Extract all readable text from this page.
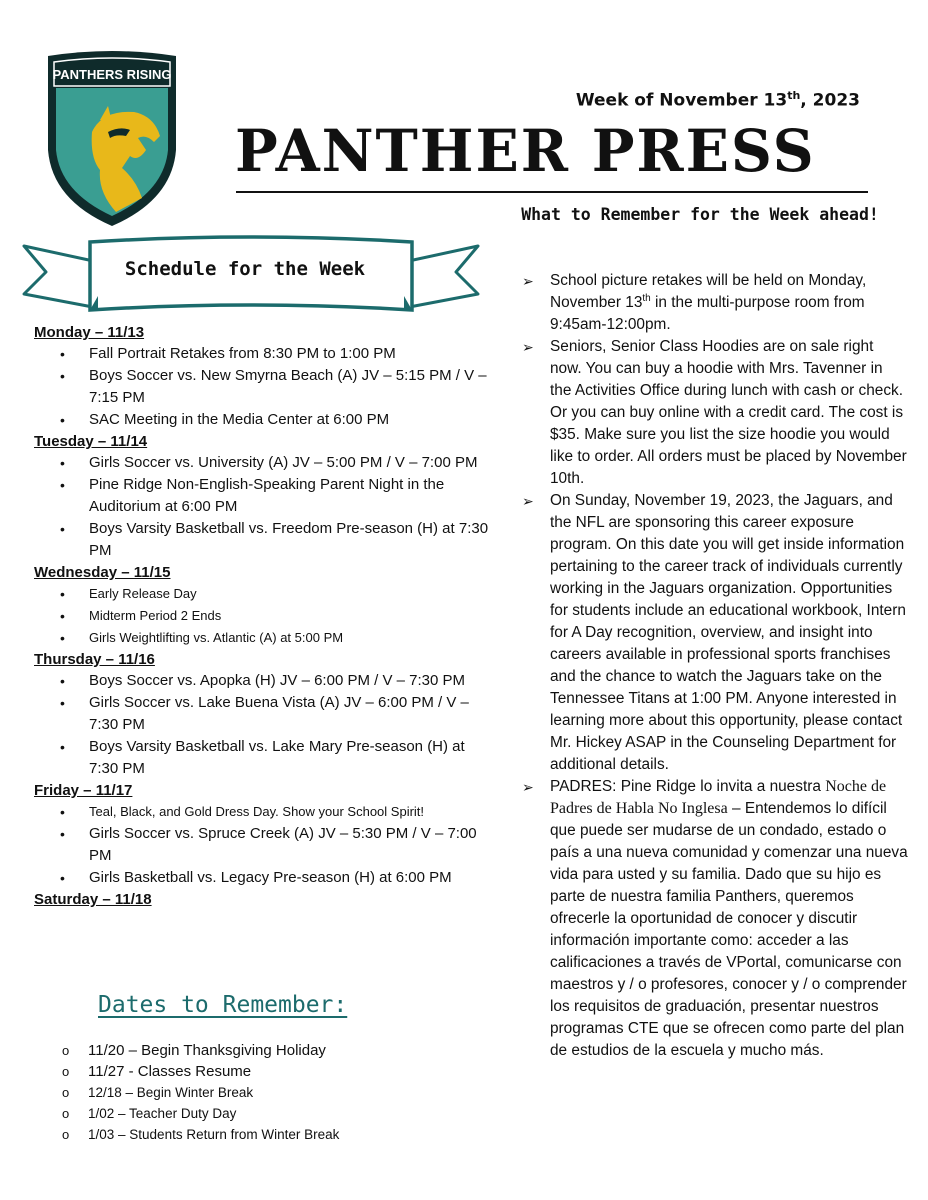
PANTHERS RISING
Week of November 13th, 2023
PANTHER PRESS
Schedule for the Week
Monday – 11/13
• Fall Portrait Retakes from 8:30 PM to 1:00 PM
• Boys Soccer vs. New Smyrna Beach (A) JV – 5:15 PM / V – 7:15 PM
• SAC Meeting in the Media Center at 6:00 PM
Tuesday – 11/14
• Girls Soccer vs. University (A) JV – 5:00 PM / V – 7:00 PM
• Pine Ridge Non-English-Speaking Parent Night in the Auditorium at 6:00 PM
• Boys Varsity Basketball vs. Freedom Pre-season (H) at 7:30 PM
Wednesday – 11/15
• Early Release Day
• Midterm Period 2 Ends
• Girls Weightlifting vs. Atlantic (A) at 5:00 PM
Thursday – 11/16
• Boys Soccer vs. Apopka (H) JV – 6:00 PM / V – 7:30 PM
• Girls Soccer vs. Lake Buena Vista (A) JV – 6:00 PM / V – 7:30 PM
• Boys Varsity Basketball vs. Lake Mary Pre-season (H) at 7:30 PM
Friday – 11/17
• Teal, Black, and Gold Dress Day. Show your School Spirit!
• Girls Soccer vs. Spruce Creek (A) JV – 5:30 PM / V – 7:00 PM
• Girls Basketball vs. Legacy Pre-season (H) at 6:00 PM
Saturday – 11/18
Dates to Remember:
o 11/20 – Begin Thanksgiving Holiday
o 11/27 - Classes Resume
o 12/18 – Begin Winter Break
o 1/02 – Teacher Duty Day
o 1/03 – Students Return from Winter Break
What to Remember for the Week ahead!
➢ School picture retakes will be held on Monday, November 13th in the multi-purpose room from 9:45am-12:00pm.
➢ Seniors, Senior Class Hoodies are on sale right now. You can buy a hoodie with Mrs. Tavenner in the Activities Office during lunch with cash or check. Or you can buy online with a credit card. The cost is $35. Make sure you list the size hoodie you would like to order. All orders must be placed by November 10th.
➢ On Sunday, November 19, 2023, the Jaguars, and the NFL are sponsoring this career exposure program. On this date you will get inside information pertaining to the career track of individuals currently working in the Jaguars organization. Opportunities for students include an educational workbook, Intern for A Day recognition, overview, and insight into careers available in professional sports franchises and the chance to watch the Jaguars take on the Tennessee Titans at 1:00 PM. Anyone interested in learning more about this opportunity, please contact Mr. Hickey ASAP in the Counseling Department for additional details.
➢ PADRES: Pine Ridge lo invita a nuestra Noche de Padres de Habla No Inglesa – Entendemos lo difícil que puede ser mudarse de un condado, estado o país a una nueva comunidad y comenzar una nueva vida para usted y su familia. Dado que su hijo es parte de nuestra familia Panthers, queremos ofrecerle la oportunidad de conocer y discutir información importante como: acceder a las calificaciones a través de VPortal, comunicarse con maestros y / o profesores, conocer y / o comprender los requisitos de graduación, presentar nuestros programas CTE que se ofrecen como parte del plan de estudios de la escuela y mucho más.
